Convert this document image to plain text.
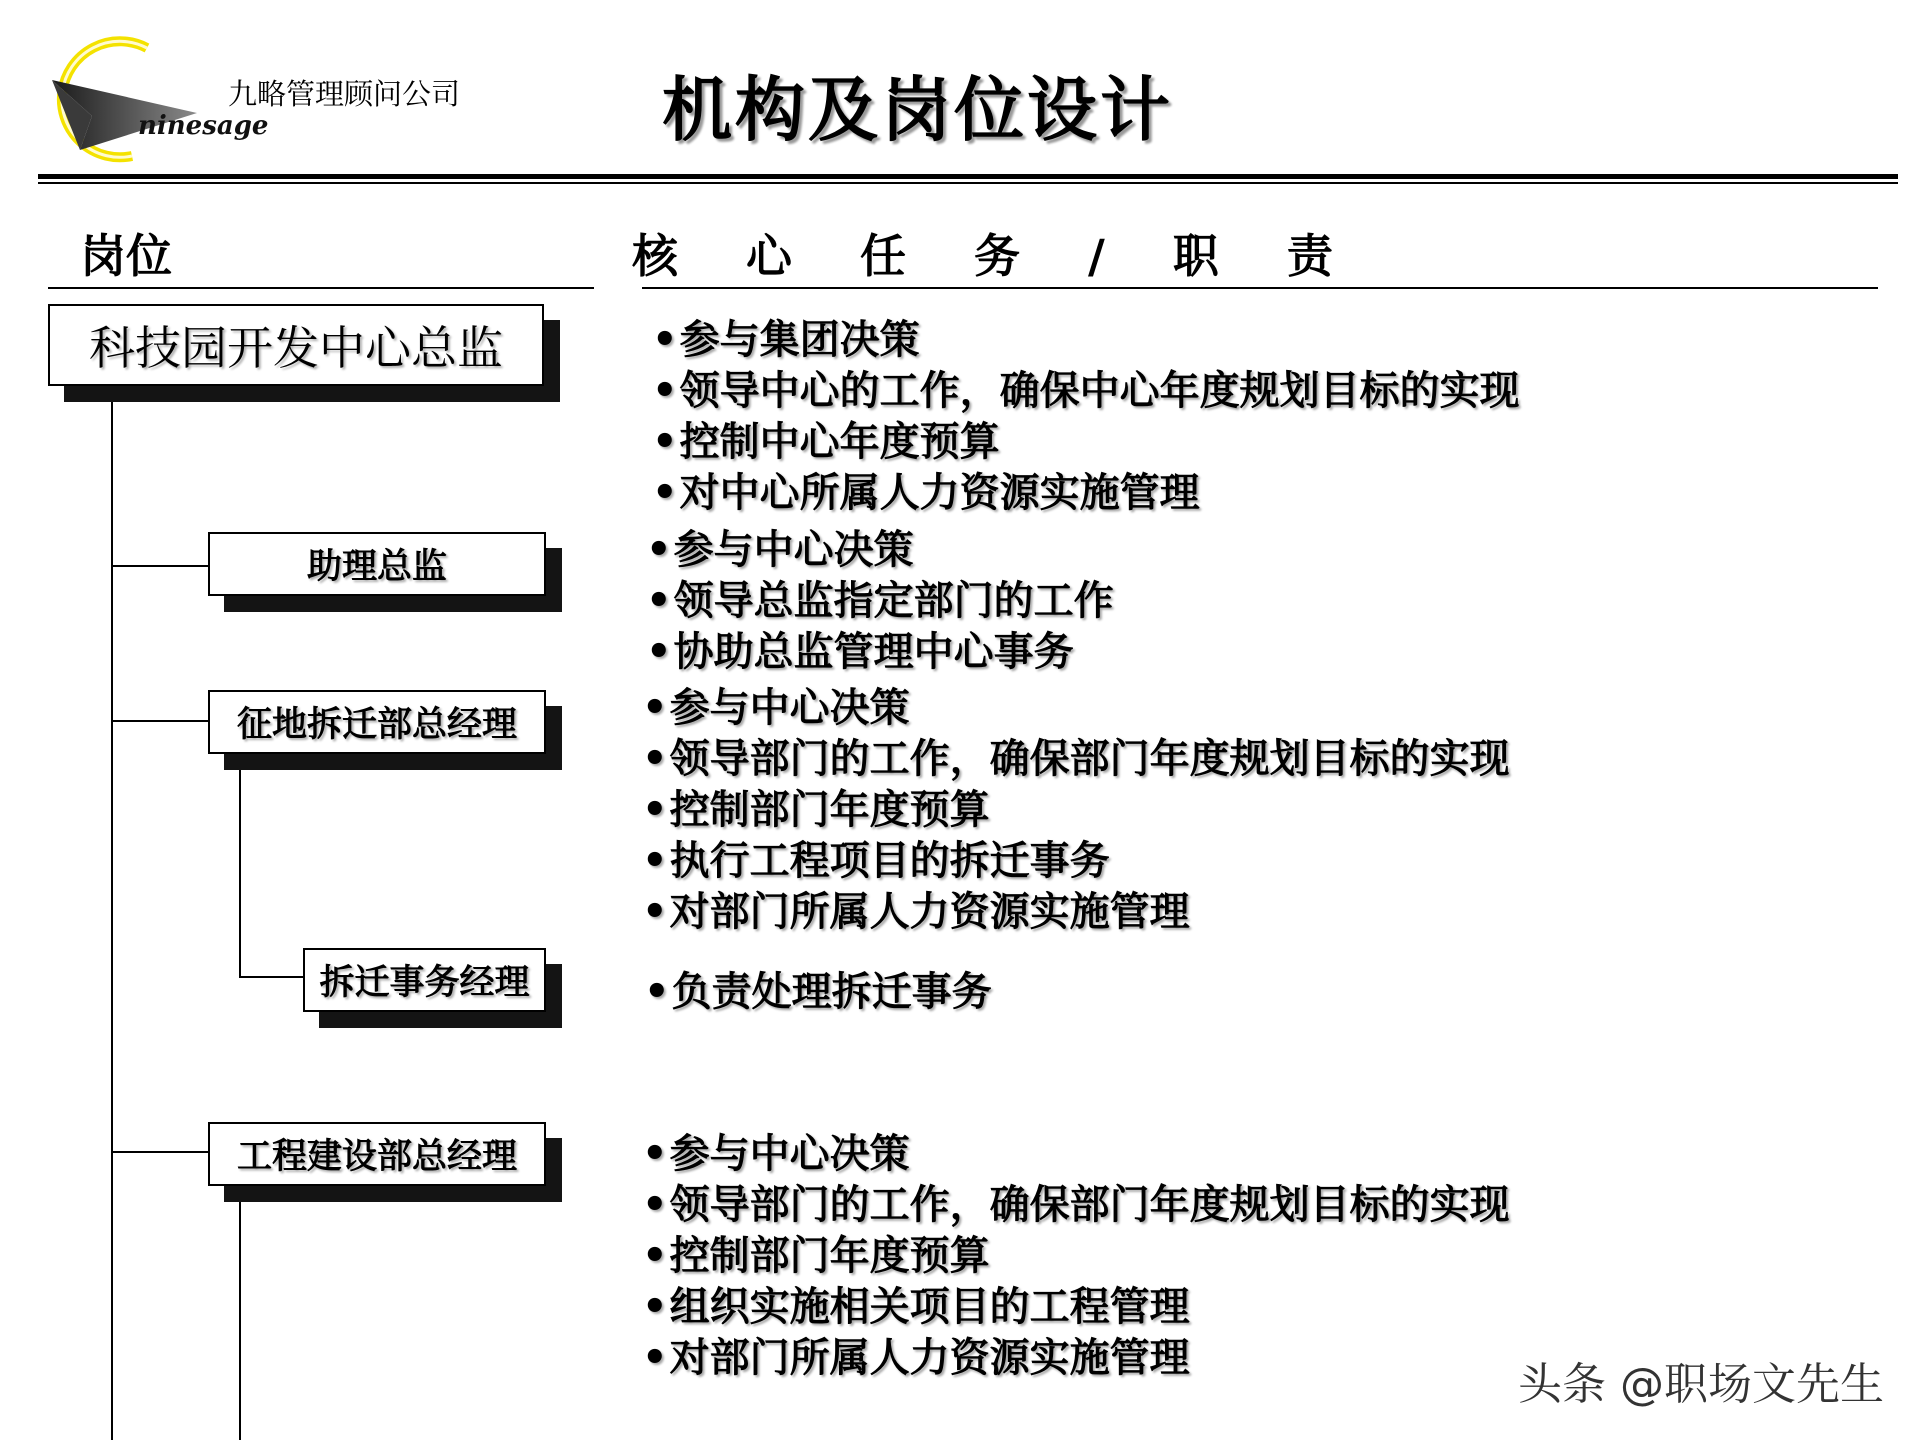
ninesage
九略管理顾问公司	机构及岗位设计
岗位	核 心 任 务 / 职 责
科技园开发中心总监
助理总监
征地拆迁部总经理
拆迁事务经理
工程建设部总经理
• 参与集团决策
• 领导中心的工作，确保中心年度规划目标的实现
• 控制中心年度预算
• 对中心所属人力资源实施管理
• 参与中心决策
• 领导总监指定部门的工作
• 协助总监管理中心事务
• 参与中心决策
• 领导部门的工作，确保部门年度规划目标的实现
• 控制部门年度预算
• 执行工程项目的拆迁事务
• 对部门所属人力资源实施管理
• 负责处理拆迁事务
• 参与中心决策
• 领导部门的工作，确保部门年度规划目标的实现
• 控制部门年度预算
• 组织实施相关项目的工程管理
• 对部门所属人力资源实施管理
头条 @职场文先生
